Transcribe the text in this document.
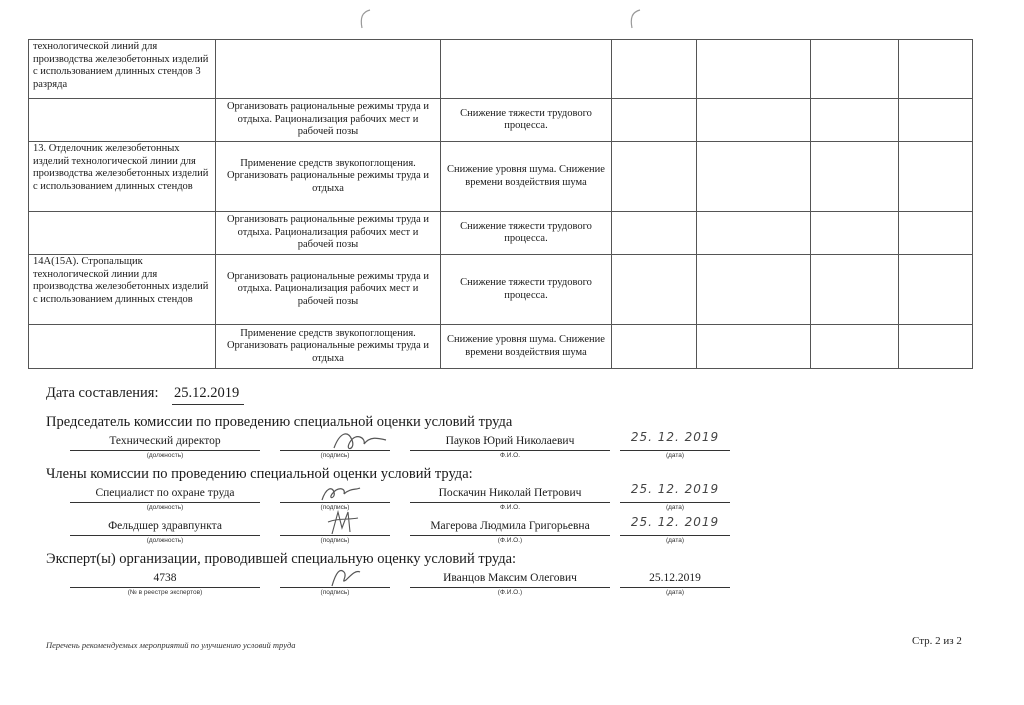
технологической линий для производства железобетонных изделий с использованием длинных стендов 3 разряда						
	Организовать рациональные режимы труда и отдыха. Рационализация рабочих мест и рабочей позы	Снижение тяжести трудового процесса.				
13. Отделочник железобетонных изделий технологической линии для производства железобетонных изделий с использованием длинных стендов	Применение средств звукопоглощения. Организовать рациональные режимы труда и отдыха	Снижение уровня шума. Снижение времени воздействия шума				
	Организовать рациональные режимы труда и отдыха. Рационализация рабочих мест и рабочей позы	Снижение тяжести трудового процесса.				
14А(15А). Стропальщик технологической линии для производства железобетонных изделий с использованием длинных стендов	Организовать рациональные режимы труда и отдыха. Рационализация рабочих мест и рабочей позы	Снижение тяжести трудового процесса.				
	Применение средств звукопоглощения. Организовать рациональные режимы труда и отдыха	Снижение уровня шума. Снижение времени воздействия шума				
Дата составления: 25.12.2019
Председатель комиссии по проведению специальной оценки условий труда
Технический директор
(должность)	(подпись)
Пауков Юрий Николаевич
Ф.И.О.
25. 12. 2019
(дата)
Члены комиссии по проведению специальной оценки условий труда:
Специалист по охране труда
(должность)	(подпись)
Поскачин Николай Петрович
Ф.И.О.
25. 12. 2019
(дата)
Фельдшер здравпункта
(должность)	(подпись)
Магерова Людмила Григорьевна
(Ф.И.О.)
25. 12. 2019
(дата)
Эксперт(ы) организации, проводившей специальную оценку условий труда:
4738
(№ в реестре экспертов)	(подпись)
Иванцов Максим Олегович
(Ф.И.О.)
25.12.2019
(дата)
Перечень рекомендуемых мероприятий по улучшению условий труда	Стр. 2 из 2
